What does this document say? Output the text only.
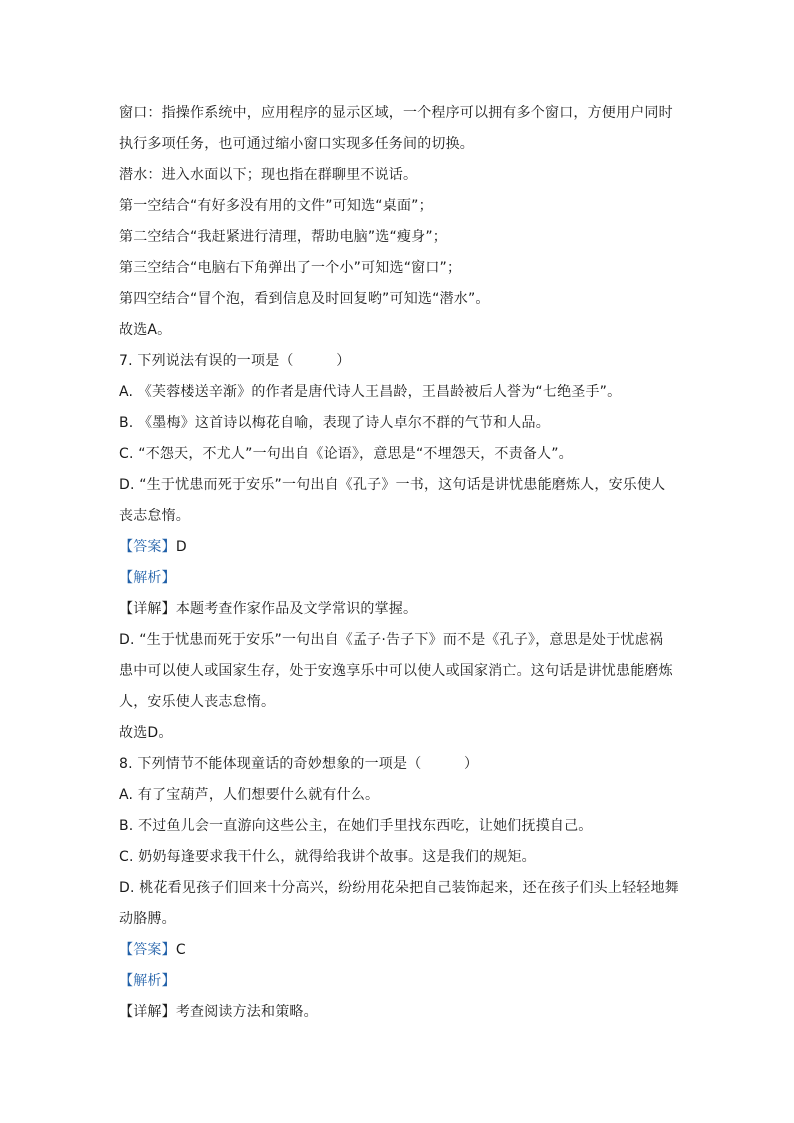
窗口：指操作系统中，应用程序的显示区域，一个程序可以拥有多个窗口，方便用户同时
执行多项任务，也可通过缩小窗口实现多任务间的切换。
潜水：进入水面以下；现也指在群聊里不说话。
第一空结合“有好多没有用的文件”可知选“桌面”；
第二空结合“我赶紧进行清理，帮助电脑”选“瘦身”；
第三空结合“电脑右下角弹出了一个小”可知选“窗口”；
第四空结合“冒个泡，看到信息及时回复哟”可知选“潜水”。
故选A。
7. 下列说法有误的一项是（　　　）
A. 《芙蓉楼送辛渐》的作者是唐代诗人王昌龄，王昌龄被后人誉为“七绝圣手”。
B. 《墨梅》这首诗以梅花自喻，表现了诗人卓尔不群的气节和人品。
C. “不怨天，不尤人”一句出自《论语》，意思是“不埋怨天，不责备人”。
D. “生于忧患而死于安乐”一句出自《孔子》一书，这句话是讲忧患能磨炼人，安乐使人
丧志怠惰。
【答案】D
【解析】
【详解】本题考查作家作品及文学常识的掌握。
D. “生于忧患而死于安乐”一句出自《孟子·告子下》而不是《孔子》，意思是处于忧虑祸
患中可以使人或国家生存，处于安逸享乐中可以使人或国家消亡。这句话是讲忧患能磨炼
人，安乐使人丧志怠惰。
故选D。
8. 下列情节不能体现童话的奇妙想象的一项是（　　　）
A. 有了宝葫芦，人们想要什么就有什么。
B. 不过鱼儿会一直游向这些公主，在她们手里找东西吃，让她们抚摸自己。
C. 奶奶每逢要求我干什么，就得给我讲个故事。这是我们的规矩。
D. 桃花看见孩子们回来十分高兴，纷纷用花朵把自己装饰起来，还在孩子们头上轻轻地舞
动胳膊。
【答案】C
【解析】
【详解】考查阅读方法和策略。
